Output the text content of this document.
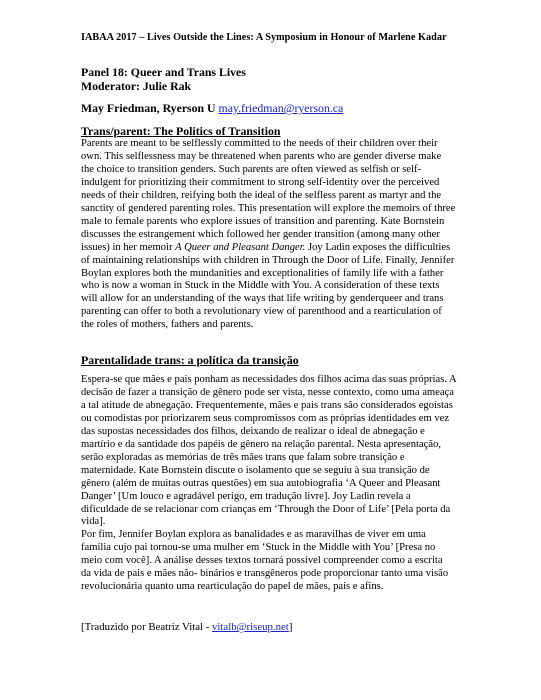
IABAA 2017 – Lives Outside the Lines: A Symposium in Honour of Marlene Kadar
Panel 18: Queer and Trans Lives
Moderator: Julie Rak
May Friedman, Ryerson U may.friedman@ryerson.ca
Trans/parent: The Politics of Transition
Parents are meant to be selflessly committed to the needs of their children over their
own. This selflessness may be threatened when parents who are gender diverse make
the choice to transition genders. Such parents are often viewed as selfish or self-
indulgent for prioritizing their commitment to strong self-identity over the perceived
needs of their children, reifying both the ideal of the selfless parent as martyr and the
sanctity of gendered parenting roles. This presentation will explore the memoirs of three
male to female parents who explore issues of transition and parenting. Kate Bornstein
discusses the estrangement which followed her gender transition (among many other
issues) in her memoir A Queer and Pleasant Danger. Joy Ladin exposes the difficulties
of maintaining relationships with children in Through the Door of Life. Finally, Jennifer
Boylan explores both the mundanities and exceptionalities of family life with a father
who is now a woman in Stuck in the Middle with You. A consideration of these texts
will allow for an understanding of the ways that life writing by genderqueer and trans
parenting can offer to both a revolutionary view of parenthood and a rearticulation of
the roles of mothers, fathers and parents.
Parentalidade trans: a política da transição
Espera-se que mães e pais ponham as necessidades dos filhos acima das suas próprias. A
decisão de fazer a transição de gênero pode ser vista, nesse contexto, como uma ameaça
a tal atitude de abnegação. Frequentemente, mães e pais trans são considerados egoístas
ou comodistas por priorizarem seus compromissos com as próprias identidades em vez
das supostas necessidades dos filhos, deixando de realizar o ideal de abnegação e
martírio e da santidade dos papéis de gênero na relação parental. Nesta apresentação,
serão exploradas as memórias de três mães trans que falam sobre transição e
maternidade. Kate Bornstein discute o isolamento que se seguiu à sua transição de
gênero (além de muitas outras questões) em sua autobiografia ‘A Queer and Pleasant
Danger’ [Um louco e agradável perigo, em tradução livre]. Joy Ladin revela a
dificuldade de se relacionar com crianças em ‘Through the Door of Life’ [Pela porta da
vida].
Por fim, Jennifer Boylan explora as banalidades e as maravilhas de viver em uma
família cujo pai tornou-se uma mulher em ‘Stuck in the Middle with You’ [Presa no
meio com você]. A análise desses textos tornará possível compreender como a escrita
da vida de pais e mães não- binários e transgêneros pode proporcionar tanto uma visão
revolucionária quanto uma rearticulação do papel de mães, pais e afins.
[Traduzido por Beatriz Vital - vitalb@riseup.net]
